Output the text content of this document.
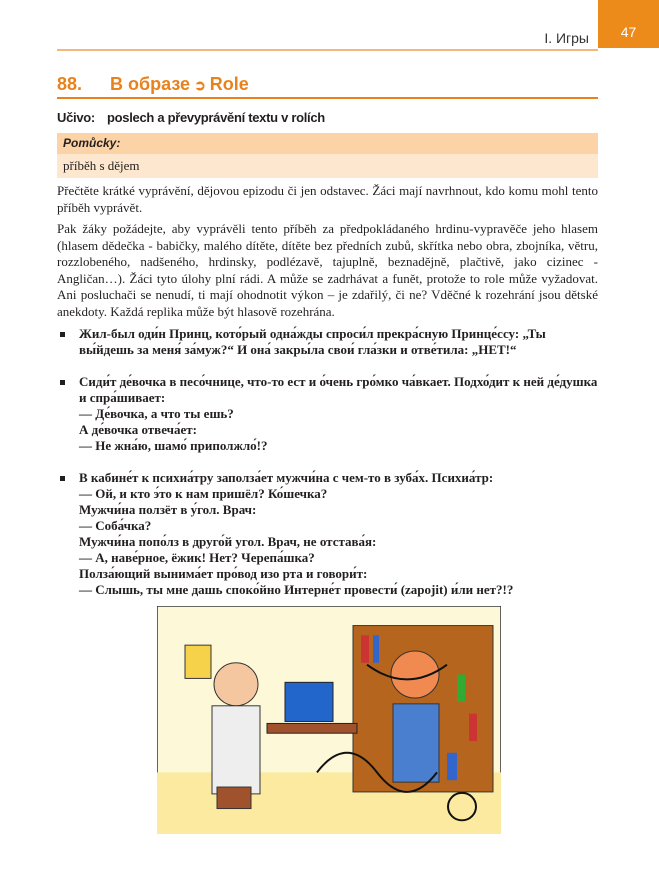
47
I. Игры
88. В образе ➲ Role
Učivo: poslech a převyprávění textu v rolích
Pomůcky:
příběh s dějem

Přečtěte krátké vyprávění, dějovou epizodu či jen odstavec. Žáci mají navrhnout, kdo komu mohl tento příběh vyprávět.

Pak žáky požádejte, aby vyprávěli tento příběh za předpokládaného hrdinu-vypravěče jeho hlasem (hlasem dědečka - babičky, malého dítěte, dítěte bez předních zubů, skřítka nebo obra, zbojníka, větru, rozzlobeného, nadšeného, hrdinsky, podlézavě, tajuplně, beznadějně, plačtivě, jako cizinec -Angličan…). Žáci tyto úlohy plní rádi. A může se zadrhávat a funět, protože to role může vyžadovat. Ani posluchači se nenudí, ti mají ohodnotit výkon – je zdařilý, či ne? Vděčné k rozehrání jsou dětské anekdoty. Každá replika může být hlasově rozehrána.

Жил-был оди́н Принц, кото́рый одна́жды спроси́л прекра́сную Принце́ссу: „Ты вы́йдешь за меня́ за́муж?“ И она́ закры́ла свои́ гла́зки и отве́тила: „НЕТ!“
Сиди́т де́вочка в песо́чнице, что-то ест и о́чень гро́мко ча́вкает. Подхо́дит к ней де́душка и спра́шивает:
— Де́вочка, а что ты ешь?
А де́вочка отвеча́ет:
— Не жна́ю, шамо́ приполжло́!?
В кабине́т к психиа́тру заполза́ет мужчи́на с чем-то в зуба́х. Психиа́тр:
— Ой, и кто э́то к нам пришёл? Ко́шечка?
Мужчи́на ползёт в у́гол. Врач:
— Соба́чка?
Мужчи́на попо́лз в друго́й угол. Врач, не отстава́я:
— А, наве́рное, ёжик! Нет? Черепа́шка?
Полза́ющий вынима́ет про́вод изо рта и говори́т:
— Слышь, ты мне дашь споко́йно Интерне́т провести́ (zapojit) и́ли нет?!?
